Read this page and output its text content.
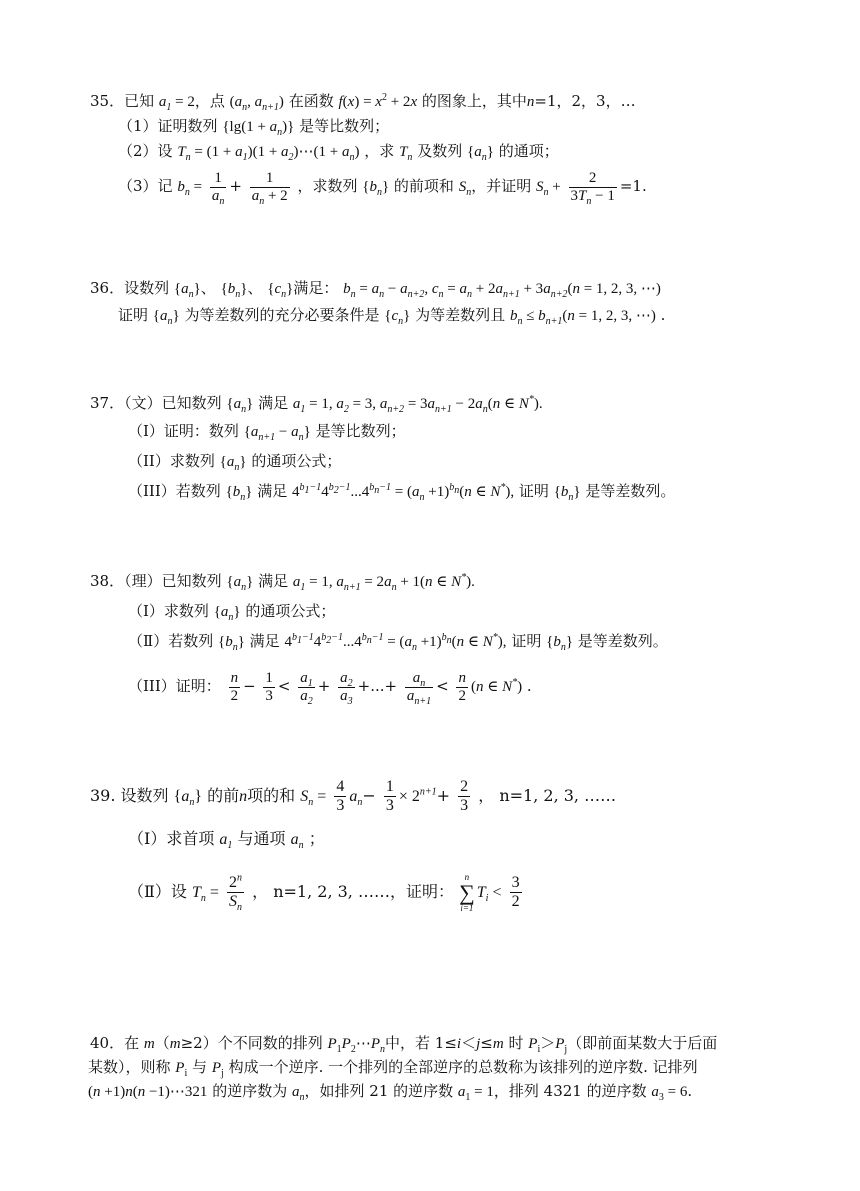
35．已知 $a_1 = 2$，点 ($a_n$, $a_{n+1}$) 在函数 $f(x) = x^2 + 2x$ 的图象上，其中n=1，2，3，…
（1）证明数列 $\{\lg(1 + a_n)\}$ 是等比数列；
（2）设 $T_n = (1 + a_1)(1$ + $a_2)\cdots(1 + a_n)$ ，求 $T_n$ 及数列 $\{a_n\}$ 的通项；
（3）记 $b_n = \frac{1}{a_n} + \frac{1}{a_n + 2}$ ，求数列 $\{b_n\}$ 的前项和 $S_n$，并证明 $S_n + \frac{2}{3T_n - 1} =1$.
36．设数列 $\{a_n\}$、 $\{b_n\}$、 $\{c_n\}$满足： $b_n = a_n - a_{n+2}$, $c_n = a_n + 2a_{n+1} + 3a_{n+2}(n = 1$, 2, 3, ⋯)
证明 $\{a_n\}$ 为等差数列的充分必要条件是 $\{c_n\}$ 为等差数列且 $b_n \le b_{n+1}(n = 1$, 2, 3, ⋯) .
37．（文）已知数列 $\{a_n\}$ 满足 $a_1 = 1$, $a_2 = 3$, $a_{n+2} = 3a_{n+1} - 2a_n(n$ ∈ N*).
（I）证明：数列 $\{a_{n+1} - a_n\}$ 是等比数列；
（II）求数列 $\{a_n\}$ 的通项公式；
（III）若数列 $\{b_n\}$ 满足 $4^{b_1-1}4^{b_2-1}...4^{b_n-1} = (a_n +1)^{b_n}(n$ ∈ N*), 证明 $\{b_n\}$ 是等差数列。
38．（理）已知数列 $\{a_n\}$ 满足 $a_1 = 1$, $a_{n+1} = 2a_n + 1(n$ ∈ N*).
（Ⅰ）求数列 $\{a_n\}$ 的通项公式；
（Ⅱ）若数列 $\{b_n\}$ 满足 $4^{b_1-1}4^{b_2-1}...4^{b_n-1} = (a_n +1)^{b_n}(n$ ∈ N*), 证明 $\{b_n\}$ 是等差数列。
（III）证明： $\frac{n}{2} - \frac{1}{3} < \frac{a_1}{a_2} + \frac{a_2}{a_3}$ +...+ $\frac{a_n}{a_{n+1}} < \frac{n}{2} (n$ ∈ N*) .
39. 设数列 $\{a_n\}$ 的前n项的和 $S_n = \frac{4}{3} a_n- \frac{1}{3} \times 2^{n+1}+ \frac{2}{3}$ ， n=1, 2, 3, ……
（Ⅰ）求首项 $a_1$ 与通项 $a_n$ ；
（Ⅱ）设 $T_n = \frac{2^n}{S_n}$ ， n=1, 2, 3, ……，证明：
n
∑
i=1
$T_i < \frac{3}{2}$
40．在 m（m≥2）个不同数的排列 $P_1P_2\cdots P_n$中，若 1≤i＜j≤m 时 $P_i>P_j$（即前面某数大于后面
某数），则称 $P_i$ 与 $P_j$ 构成一个逆序. 一个排列的全部逆序的总数称为该排列的逆序数. 记排列
(n +1)n(n −1)⋯321 的逆序数为 $a_n$，如排列 21 的逆序数 $a_1 = 1$，排列 4321 的逆序数 $a_3 = 6$.
